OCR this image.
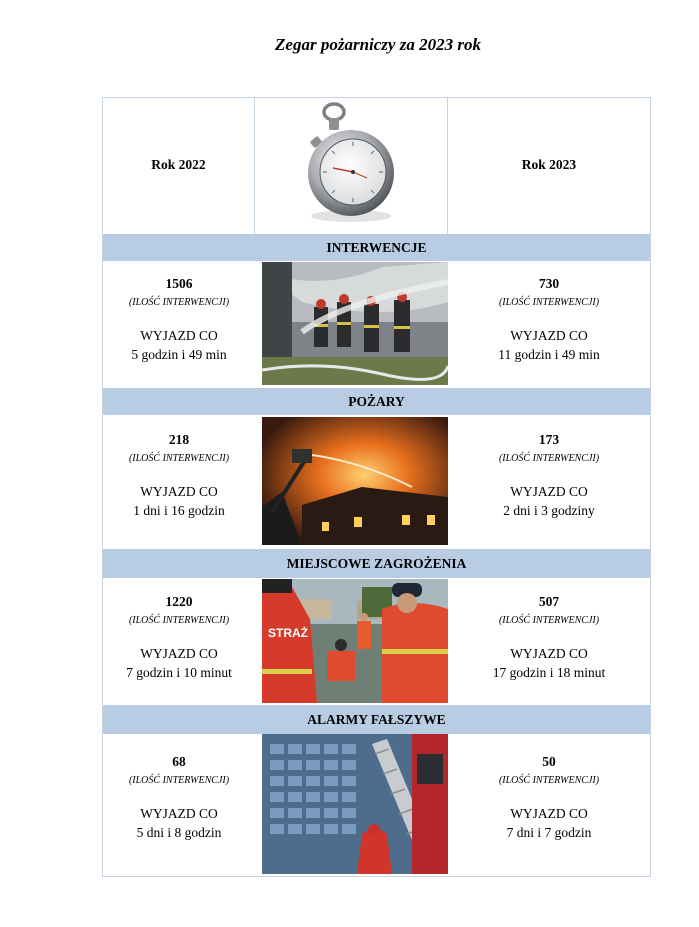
Zegar pożarniczy za 2023 rok
Rok 2022	Rok 2023
INTERWENCJE
1506
(ILOŚĆ INTERWENCJI)
WYJAZD CO
5 godzin i 49 min
730
(ILOŚĆ INTERWENCJI)
WYJAZD CO
11 godzin i 49 min
POŻARY
218
(ILOŚĆ INTERWENCJI)
WYJAZD CO
1 dni i 16 godzin
173
(ILOŚĆ INTERWENCJI)
WYJAZD CO
2 dni i 3 godziny
MIEJSCOWE ZAGROŻENIA
1220
(ILOŚĆ INTERWENCJI)
WYJAZD CO
7 godzin i 10 minut
507
(ILOŚĆ INTERWENCJI)
WYJAZD CO
17 godzin i 18 minut
STRAŻ
ALARMY FAŁSZYWE
68
(ILOŚĆ INTERWENCJI)
WYJAZD CO
5 dni i 8 godzin
50
(ILOŚĆ INTERWENCJI)
WYJAZD CO
7 dni i 7 godzin
